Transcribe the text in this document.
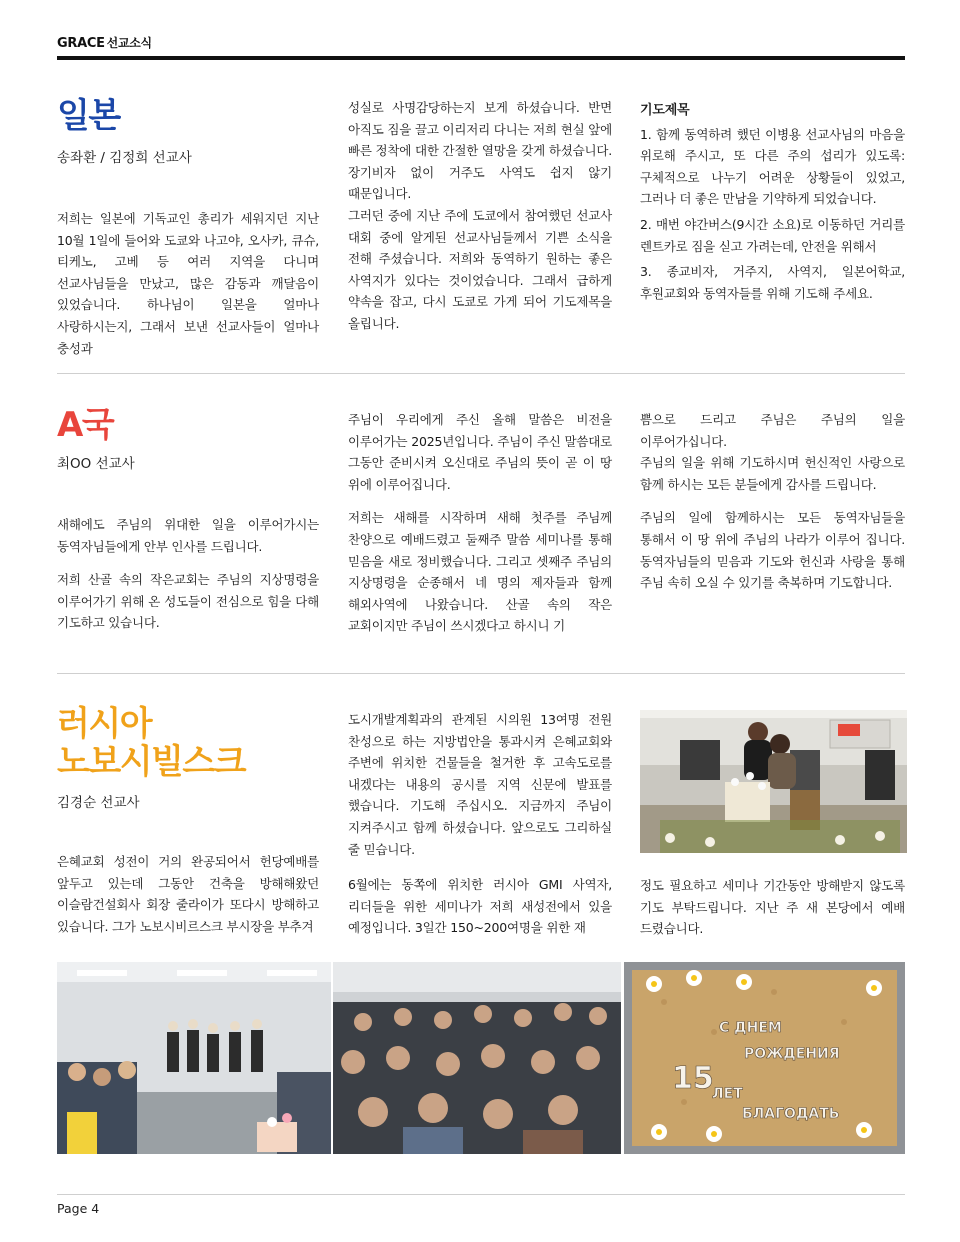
GRACE 선교소식
일본
송좌환 / 김정희 선교사

저희는 일본에 기독교인 총리가 세워지던 지난 10월 1일에 들어와 도쿄와 나고야, 오사카, 큐슈, 티케노, 고베 등 여러 지역을 다니며 선교사님들을 만났고, 많은 감동과 깨달음이 있었습니다. 하나님이 일본을 얼마나 사랑하시는지, 그래서 보낸 선교사들이 얼마나 충성과

성실로 사명감당하는지 보게 하셨습니다. 반면 아직도 짐을 끌고 이리저리 다니는 저희 현실 앞에 빠른 정착에 대한 간절한 열망을 갖게 하셨습니다. 장기비자 없이 거주도 사역도 쉽지 않기 때문입니다.

그러던 중에 지난 주에 도쿄에서 참여했던 선교사 대회 중에 알게된 선교사님들께서 기쁜 소식을 전해 주셨습니다. 저희와 동역하기 원하는 좋은 사역지가 있다는 것이었습니다. 그래서 급하게 약속을 잡고, 다시 도쿄로 가게 되어 기도제목을 올립니다.

기도제목

1. 함께 동역하려 했던 이병용 선교사님의 마음을 위로해 주시고, 또 다른 주의 섭리가 있도록: 구체적으로 나누기 어려운 상황들이 있었고, 그러나 더 좋은 만남을 기약하게 되었습니다.

2. 매번 야간버스(9시간 소요)로 이동하던 거리를 렌트카로 짐을 싣고 가려는데, 안전을 위해서

3. 종교비자, 거주지, 사역지, 일본어학교, 후원교회와 동역자들를 위해 기도해 주세요.

A국
최OO 선교사

새해에도 주님의 위대한 일을 이루어가시는 동역자님들에게 안부 인사를 드립니다.

저희 산골 속의 작은교회는 주님의 지상명령을 이루어가기 위해 온 성도들이 전심으로 힘을 다해 기도하고 있습니다.

주님이 우리에게 주신 올해 말씀은 비전을 이루어가는 2025년입니다. 주님이 주신 말씀대로 그동안 준비시켜 오신대로 주님의 뜻이 곧 이 땅 위에 이루어집니다.

저희는 새해를 시작하며 새해 첫주를 주님께 찬양으로 예배드렸고 둘째주 말씀 세미나를 통해 믿음을 새로 정비했습니다. 그리고 셋째주 주님의 지상명령을 순종해서 네 명의 제자들과 함께 해외사역에 나왔습니다. 산골 속의 작은 교회이지만 주님이 쓰시겠다고 하시니 기

쁨으로 드리고 주님은 주님의 일을 이루어가십니다.

주님의 일을 위해 기도하시며 헌신적인 사랑으로 함께 하시는 모든 분들에게 감사를 드립니다.

주님의 일에 함께하시는 모든 동역자님들을 통해서 이 땅 위에 주님의 나라가 이루어 집니다. 동역자님들의 믿음과 기도와 헌신과 사랑을 통해 주님 속히 오실 수 있기를 축복하며 기도합니다.

러시아
노보시빌스크
김경순 선교사

은혜교회 성전이 거의 완공되어서 헌당예배를 앞두고 있는데 그동안 건축을 방해해왔던 이슬람건설회사 회장 줄라이가 또다시 방해하고 있습니다. 그가 노보시비르스크 부시장을 부추겨

도시개발계획과의 관계된 시의원 13여명 전원 찬성으로 하는 지방법안을 통과시켜 은혜교회와 주변에 위치한 건물들을 철거한 후 고속도로를 내겠다는 내용의 공시를 지역 신문에 발표를 했습니다. 기도해 주십시오. 지금까지 주님이 지켜주시고 함께 하셨습니다. 앞으로도 그리하실 줄 믿습니다.

6월에는 동쪽에 위치한 러시아 GMI 사역자, 리더들을 위한 세미나가 저희 새성전에서 있을 예정입니다. 3일간 150~200여명을 위한 재

정도 필요하고 세미나 기간동안 방해받지 않도록 기도 부탁드립니다. 지난 주 새 본당에서 예배 드렸습니다.

С ДНЕМ
РОЖДЕНИЯ
15
ЛЕТ
БЛАГОДАТЬ
Page 4
